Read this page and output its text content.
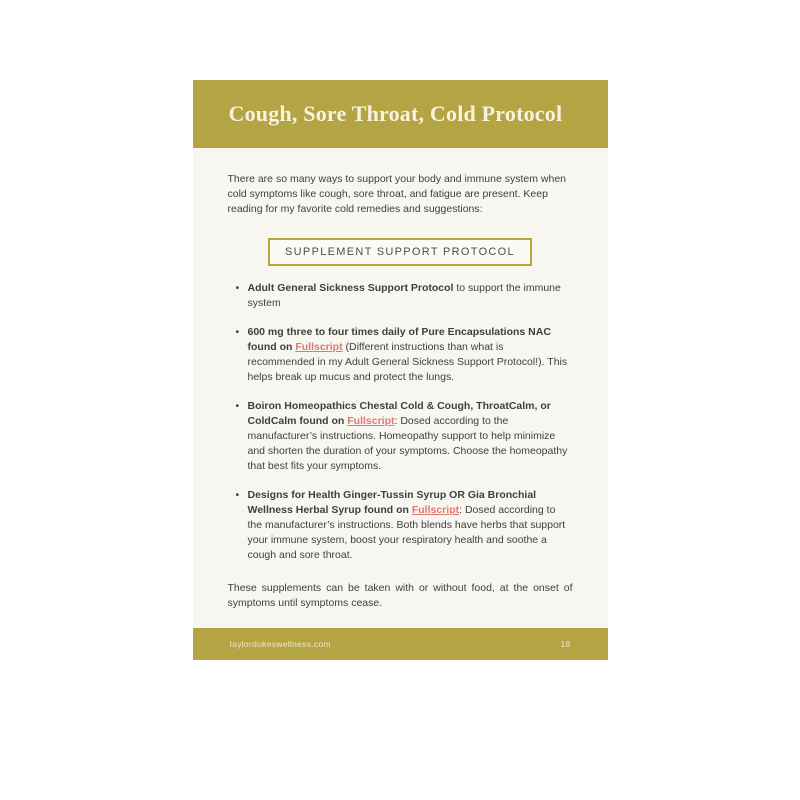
Cough, Sore Throat, Cold Protocol

There are so many ways to support your body and immune system when cold symptoms like cough, sore throat, and fatigue are present. Keep reading for my favorite cold remedies and suggestions:

SUPPLEMENT SUPPORT PROTOCOL
• Adult General Sickness Support Protocol to support the immune system
• 600 mg three to four times daily of Pure Encapsulations NAC found on Fullscript (Different instructions than what is recommended in my Adult General Sickness Support Protocol!). This helps break up mucus and protect the lungs.
• Boiron Homeopathics Chestal Cold & Cough, ThroatCalm, or ColdCalm found on Fullscript: Dosed according to the manufacturer’s instructions. Homeopathy support to help minimize and shorten the duration of your symptoms. Choose the homeopathy that best fits your symptoms.
• Designs for Health Ginger-Tussin Syrup OR Gia Bronchial Wellness Herbal Syrup found on Fullscript: Dosed according to the manufacturer’s instructions. Both blends have herbs that support your immune system, boost your respiratory health and soothe a cough and sore throat.

These supplements can be taken with or without food, at the onset of symptoms until symptoms cease.

taylordukeswellness.com	18
